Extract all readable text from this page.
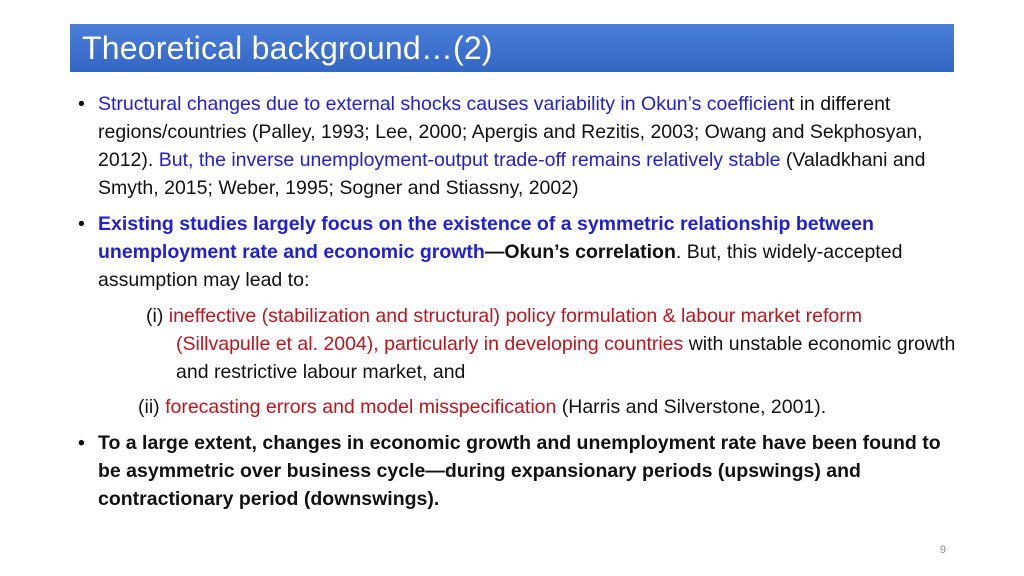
Theoretical background…(2)
• Structural changes due to external shocks causes variability in Okun’s coefficient in different regions/countries (Palley, 1993; Lee, 2000; Apergis and Rezitis, 2003; Owang and Sekphosyan, 2012). But, the inverse unemployment-output trade-off remains relatively stable (Valadkhani and Smyth, 2015; Weber, 1995; Sogner and Stiassny, 2002)
• Existing studies largely focus on the existence of a symmetric relationship between unemployment rate and economic growth—Okun’s correlation. But, this widely-accepted assumption may lead to:
(i) ineffective (stabilization and structural) policy formulation & labour market reform (Sillvapulle et al. 2004), particularly in developing countries with unstable economic growth and restrictive labour market, and
(ii) forecasting errors and model misspecification (Harris and Silverstone, 2001).
• To a large extent, changes in economic growth and unemployment rate have been found to be asymmetric over business cycle—during expansionary periods (upswings) and contractionary period (downswings).
9
